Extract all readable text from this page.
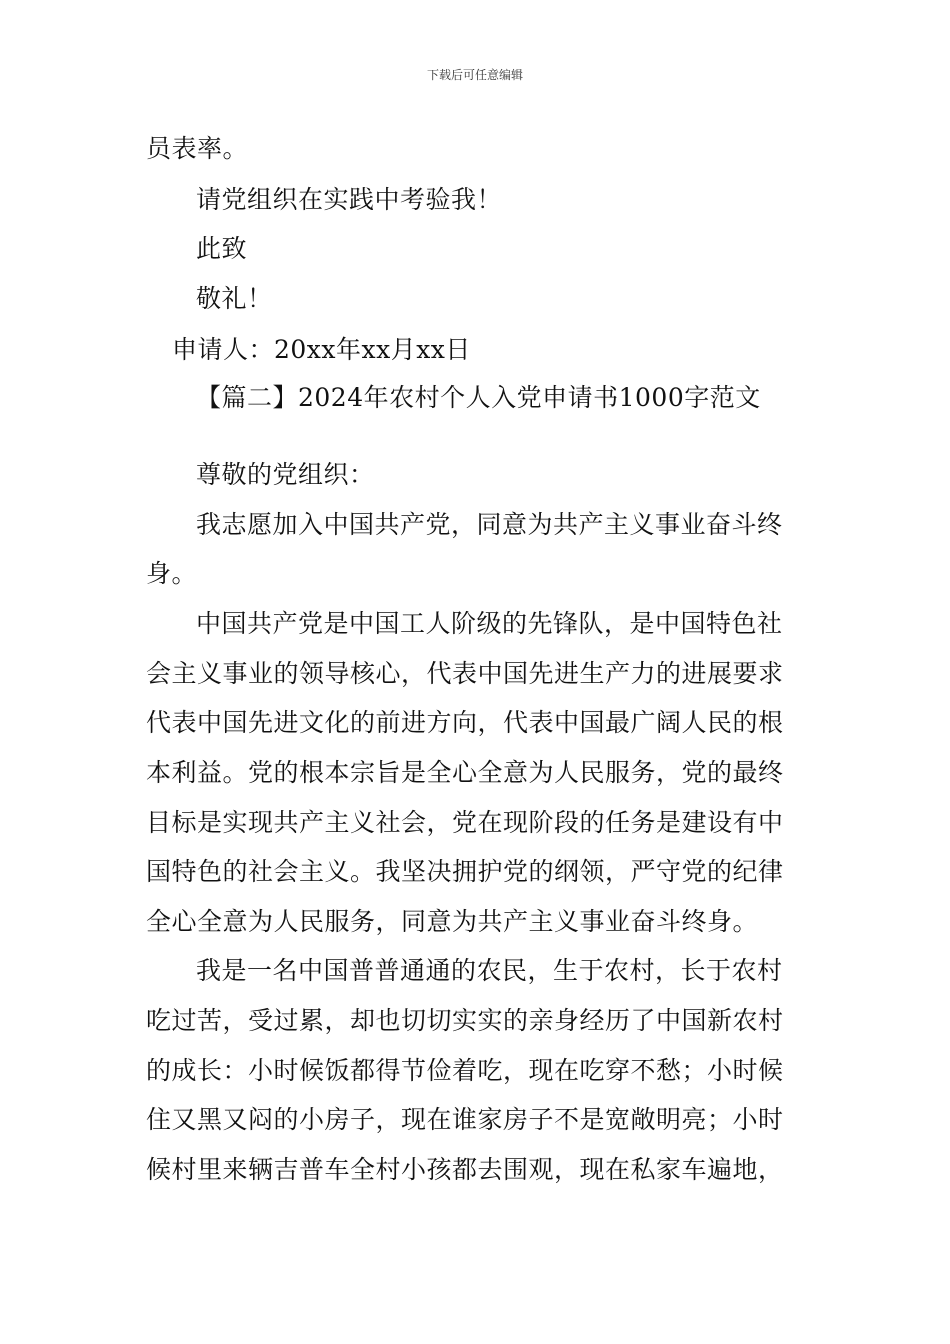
下载后可任意编辑
员表率。
请党组织在实践中考验我！
此致
敬礼！
申请人：20xx年xx月xx日
【篇二】2024年农村个人入党申请书1000字范文
尊敬的党组织：
我志愿加入中国共产党，同意为共产主义事业奋斗终
身。
中国共产党是中国工人阶级的先锋队，是中国特色社
会主义事业的领导核心，代表中国先进生产力的进展要求
代表中国先进文化的前进方向，代表中国最广阔人民的根
本利益。党的根本宗旨是全心全意为人民服务，党的最终
目标是实现共产主义社会，党在现阶段的任务是建设有中
国特色的社会主义。我坚决拥护党的纲领，严守党的纪律
全心全意为人民服务，同意为共产主义事业奋斗终身。
我是一名中国普普通通的农民，生于农村，长于农村
吃过苦，受过累，却也切切实实的亲身经历了中国新农村
的成长：小时候饭都得节俭着吃，现在吃穿不愁；小时候
住又黑又闷的小房子，现在谁家房子不是宽敞明亮；小时
候村里来辆吉普车全村小孩都去围观，现在私家车遍地，
